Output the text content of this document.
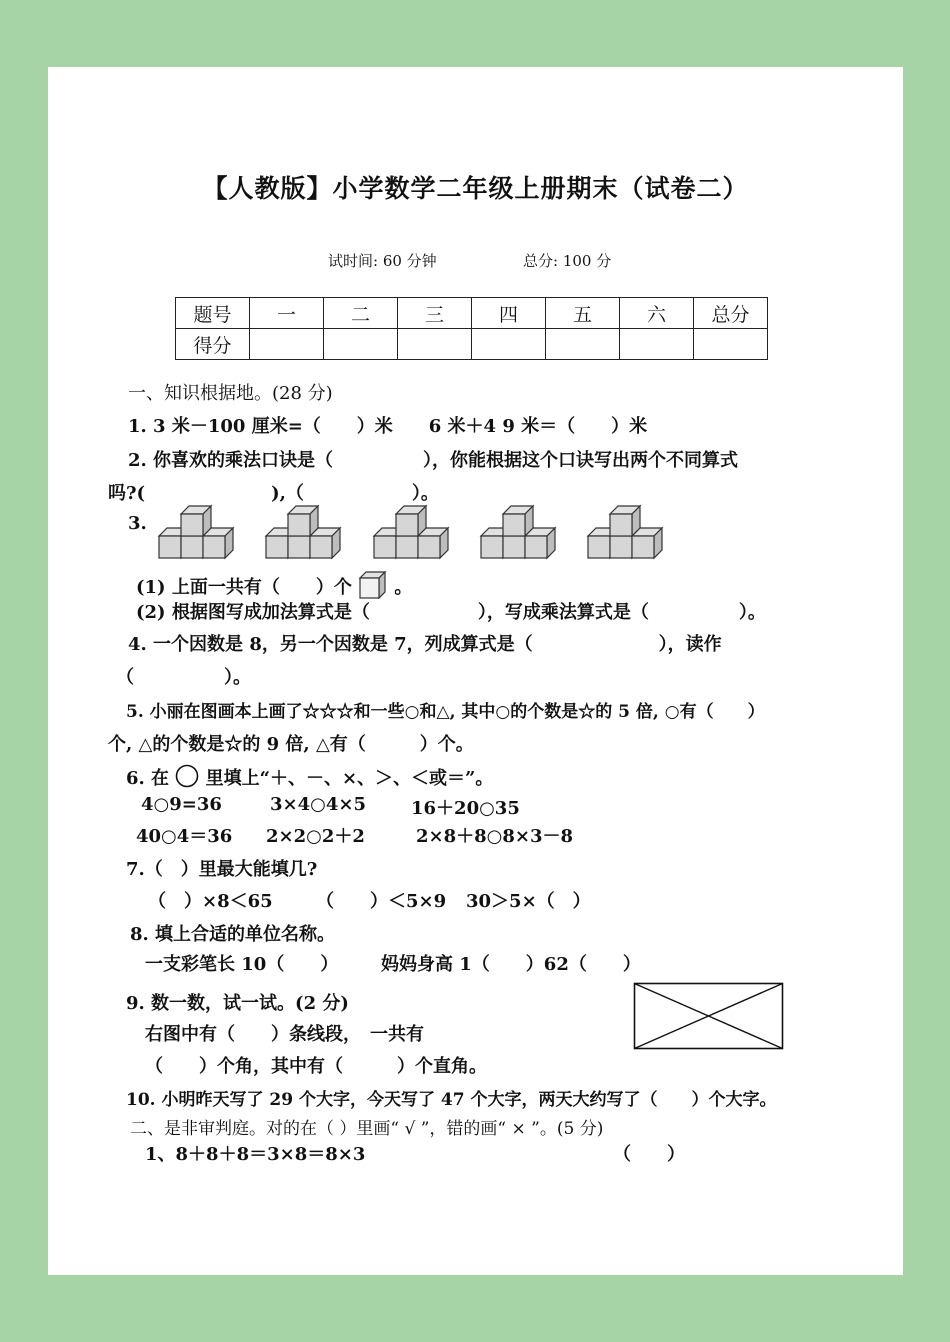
【人教版】小学数学二年级上册期末（试卷二）
试时间: 60 分钟	总分: 100 分
题号	一	二	三	四	五	六	总分
得分							
一、知识根据地。(28 分)
1. 3 米－100 厘米=（　　）米　　6 米＋4 9 米＝（　　）米
2. 你喜欢的乘法口诀是（　　　　　），你能根据这个口诀写出两个不同算式
吗?(　　　　　　　),（　　　　　　）。
3.
(1) 上面一共有（　　）个 。
(2) 根据图写成加法算式是（　　　　　　），写成乘法算式是（　　　　　）。
4. 一个因数是 8，另一个因数是 7，列成算式是（　　　　　　　），读作
（　　　　　）。
5. 小丽在图画本上画了☆☆☆和一些○和△, 其中○的个数是☆的 5 倍, ○有（　　）
个, △的个数是☆的 9 倍, △有（　　　）个。
6. 在 里填上“＋、－、×、＞、＜或＝”。
4○9=36	3×4○4×5	16＋20○35
40○4＝36 2×2○2＋2	2×8＋8○8×3－8
7.（　）里最大能填几?
（　）×8＜65 （　　）＜5×9 30＞5×（　）
8. 填上合适的单位名称。
一支彩笔长 10（　　） 妈妈身高 1（　　）62（　　）
9. 数一数，试一试。(2 分)
右图中有（　　）条线段，　一共有
（　　）个角，其中有（　　　）个直角。
10. 小明昨天写了 29 个大字，今天写了 47 个大字，两天大约写了（　　）个大字。
二、是非审判庭。对的在（ ）里画“ √ ”，错的画“ × ”。(5 分)
1、8＋8＋8＝3×8＝8×3	（　　）
